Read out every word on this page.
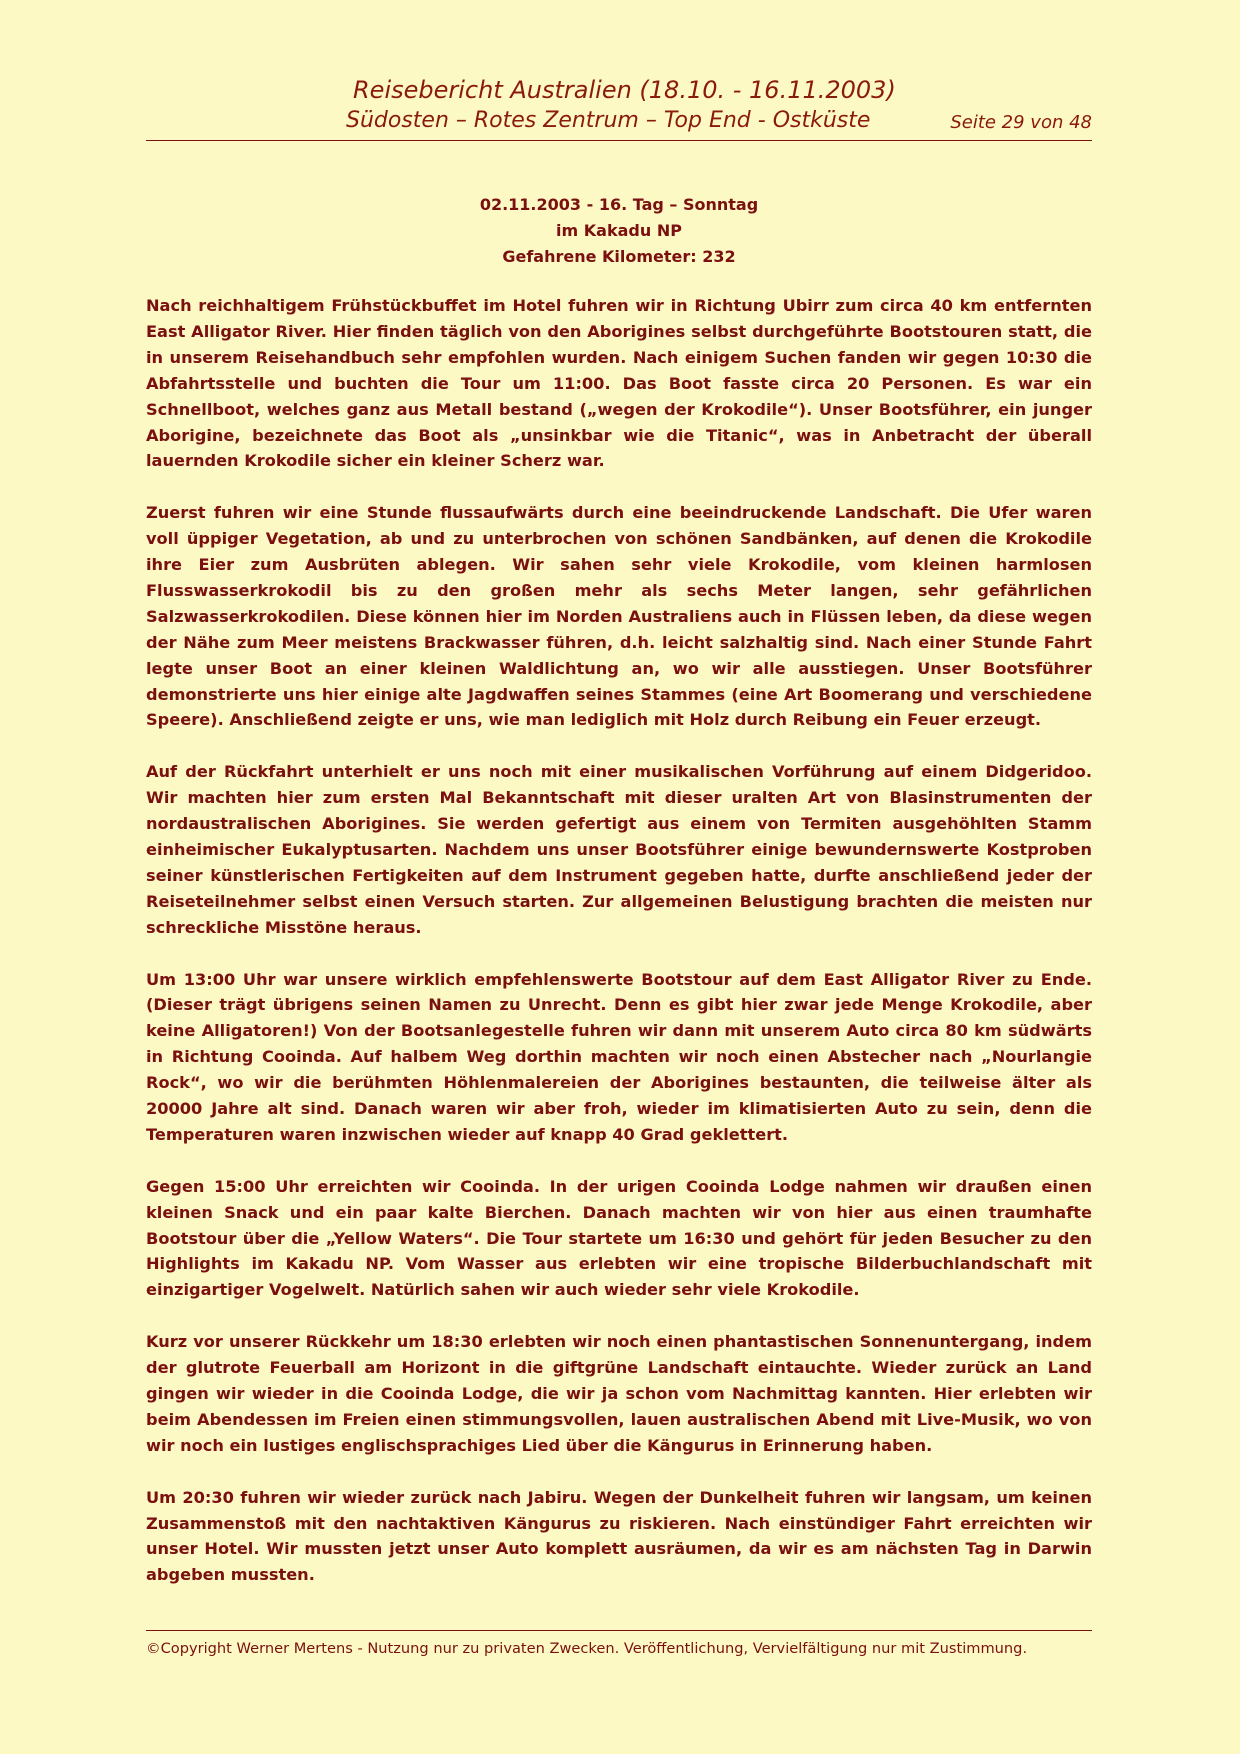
Reisebericht Australien (18.10. - 16.11.2003)
Südosten – Rotes Zentrum – Top End - Ostküste	Seite 29 von 48
02.11.2003 - 16. Tag – Sonntag
im Kakadu NP
Gefahrene Kilometer: 232

Nach reichhaltigem Frühstückbuffet im Hotel fuhren wir in Richtung Ubirr zum circa 40 km entfernten East Alligator River. Hier finden täglich von den Aborigines selbst durchgeführte Bootstouren statt, die in unserem Reisehandbuch sehr empfohlen wurden. Nach einigem Suchen fanden wir gegen 10:30 die Abfahrtsstelle und buchten die Tour um 11:00. Das Boot fasste circa 20 Personen. Es war ein Schnellboot, welches ganz aus Metall bestand („wegen der Krokodile“). Unser Bootsführer, ein junger Aborigine, bezeichnete das Boot als „unsinkbar wie die Titanic“, was in Anbetracht der überall lauernden Krokodile sicher ein kleiner Scherz war.

Zuerst fuhren wir eine Stunde flussaufwärts durch eine beeindruckende Landschaft. Die Ufer waren voll üppiger Vegetation, ab und zu unterbrochen von schönen Sandbänken, auf denen die Krokodile ihre Eier zum Ausbrüten ablegen. Wir sahen sehr viele Krokodile, vom kleinen harmlosen Flusswasserkrokodil bis zu den großen mehr als sechs Meter langen, sehr gefährlichen Salzwasserkrokodilen. Diese können hier im Norden Australiens auch in Flüssen leben, da diese wegen der Nähe zum Meer meistens Brackwasser führen, d.h. leicht salzhaltig sind. Nach einer Stunde Fahrt legte unser Boot an einer kleinen Waldlichtung an, wo wir alle ausstiegen. Unser Bootsführer demonstrierte uns hier einige alte Jagdwaffen seines Stammes (eine Art Boomerang und verschiedene Speere). Anschließend zeigte er uns, wie man lediglich mit Holz durch Reibung ein Feuer erzeugt.

Auf der Rückfahrt unterhielt er uns noch mit einer musikalischen Vorführung auf einem Didgeridoo. Wir machten hier zum ersten Mal Bekanntschaft mit dieser uralten Art von Blasinstrumenten der nordaustralischen Aborigines. Sie werden gefertigt aus einem von Termiten ausgehöhlten Stamm einheimischer Eukalyptusarten. Nachdem uns unser Bootsführer einige bewundernswerte Kostproben seiner künstlerischen Fertigkeiten auf dem Instrument gegeben hatte, durfte anschließend jeder der Reiseteilnehmer selbst einen Versuch starten. Zur allgemeinen Belustigung brachten die meisten nur schreckliche Misstöne heraus.

Um 13:00 Uhr war unsere wirklich empfehlenswerte Bootstour auf dem East Alligator River zu Ende. (Dieser trägt übrigens seinen Namen zu Unrecht. Denn es gibt hier zwar jede Menge Krokodile, aber keine Alligatoren!) Von der Bootsanlegestelle fuhren wir dann mit unserem Auto circa 80 km südwärts in Richtung Cooinda. Auf halbem Weg dorthin machten wir noch einen Abstecher nach „Nourlangie Rock“, wo wir die berühmten Höhlenmalereien der Aborigines bestaunten, die teilweise älter als 20000 Jahre alt sind. Danach waren wir aber froh, wieder im klimatisierten Auto zu sein, denn die Temperaturen waren inzwischen wieder auf knapp 40 Grad geklettert.

Gegen 15:00 Uhr erreichten wir Cooinda. In der urigen Cooinda Lodge nahmen wir draußen einen kleinen Snack und ein paar kalte Bierchen. Danach machten wir von hier aus einen traumhafte Bootstour über die „Yellow Waters“. Die Tour startete um 16:30 und gehört für jeden Besucher zu den Highlights im Kakadu NP. Vom Wasser aus erlebten wir eine tropische Bilderbuchlandschaft mit einzigartiger Vogelwelt. Natürlich sahen wir auch wieder sehr viele Krokodile.

Kurz vor unserer Rückkehr um 18:30 erlebten wir noch einen phantastischen Sonnenuntergang, indem der glutrote Feuerball am Horizont in die giftgrüne Landschaft eintauchte. Wieder zurück an Land gingen wir wieder in die Cooinda Lodge, die wir ja schon vom Nachmittag kannten. Hier erlebten wir beim Abendessen im Freien einen stimmungsvollen, lauen australischen Abend mit Live-Musik, wo von wir noch ein lustiges englischsprachiges Lied über die Kängurus in Erinnerung haben.

Um 20:30 fuhren wir wieder zurück nach Jabiru. Wegen der Dunkelheit fuhren wir langsam, um keinen Zusammenstoß mit den nachtaktiven Kängurus zu riskieren. Nach einstündiger Fahrt erreichten wir unser Hotel. Wir mussten jetzt unser Auto komplett ausräumen, da wir es am nächsten Tag in Darwin abgeben mussten.

©Copyright Werner Mertens - Nutzung nur zu privaten Zwecken. Veröffentlichung, Vervielfältigung nur mit Zustimmung.
